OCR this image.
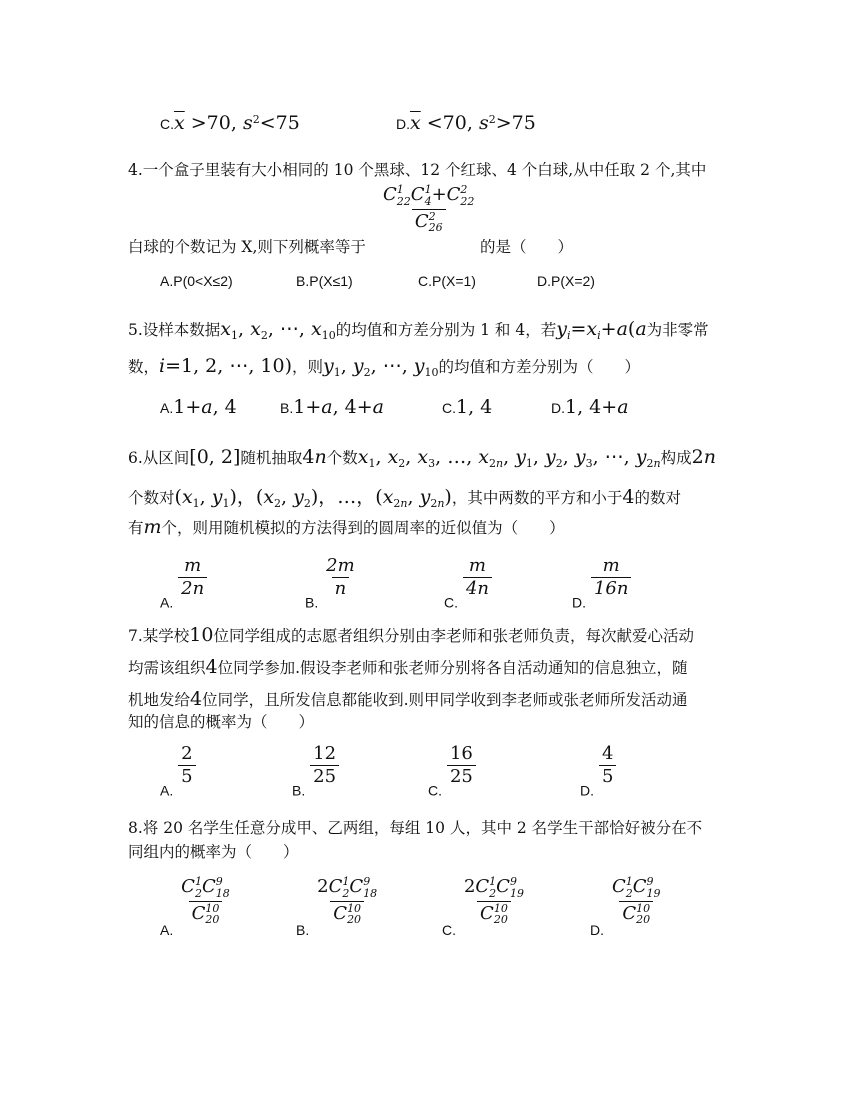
$C.\overline{x} >70$, $s^2<75$	$D.\overline{x} <70$, $s^2>75$
4.一个盒子里装有大小相同的 10 个黑球、12 个红球、4 个白球,从中任取 2 个,其中
$\frac{C^1_{22}C^1_4+C^2_{22}}{C^2_{26}}$
白球的个数记为 X,则下列概率等于	的是（　　）
A.P(0<X≤2)	B.P(X≤1)	C.P(X=1)	D.P(X=2)
5.设样本数据$x_1$, $x_2$, ⋯, $x_{10}$的均值和方差分别为 1 和 4，若$y_i=x_i+a(a$为非零常
数，i=1, 2, ⋯, 10)，则$y_1$, $y_2$, ⋯, $y_{10}$的均值和方差分别为（　　）
A.1+a, 4	B.1+a, 4+a	C.1, 4	D.1, 4+a
6.从区间[0, 2]随机抽取4n个数$x_1$, $x_2$, $x_3$, …, $x_{2n}$, $y_1$, $y_2$, $y_3$, ⋯, $y_{2n}$构成2n
个数对($x_1$, $y_1$)，($x_2$, $y_2$)，…，($x_{2n}$, $y_{2n}$)，其中两数的平方和小于4的数对
有m个，则用随机模拟的方法得到的圆周率的近似值为（　　）
A.
$\frac{m}{2n}$
B.
$\frac{2m}{n}$
C.
$\frac{m}{4n}$
D.
$\frac{m}{16n}$
7.某学校10位同学组成的志愿者组织分别由李老师和张老师负责，每次献爱心活动
均需该组织4位同学参加.假设李老师和张老师分别将各自活动通知的信息独立，随
机地发给4位同学，且所发信息都能收到.则甲同学收到李老师或张老师所发活动通
知的信息的概率为（　　）
A.
$\frac{2}{5}$
B.
$\frac{12}{25}$
C.
$\frac{16}{25}$
D.
$\frac{4}{5}$
8.将 20 名学生任意分成甲、乙两组，每组 10 人，其中 2 名学生干部恰好被分在不
同组内的概率为（　　）
A.
$\frac{C^1_2C^9_{18}}{C^{10}_{20}}$
B.
$\frac{2C^1_2C^9_{18}}{C^{10}_{20}}$
C.
$\frac{2C^1_2C^9_{19}}{C^{10}_{20}}$
D.
$\frac{C^1_2C^9_{19}}{C^{10}_{20}}$
